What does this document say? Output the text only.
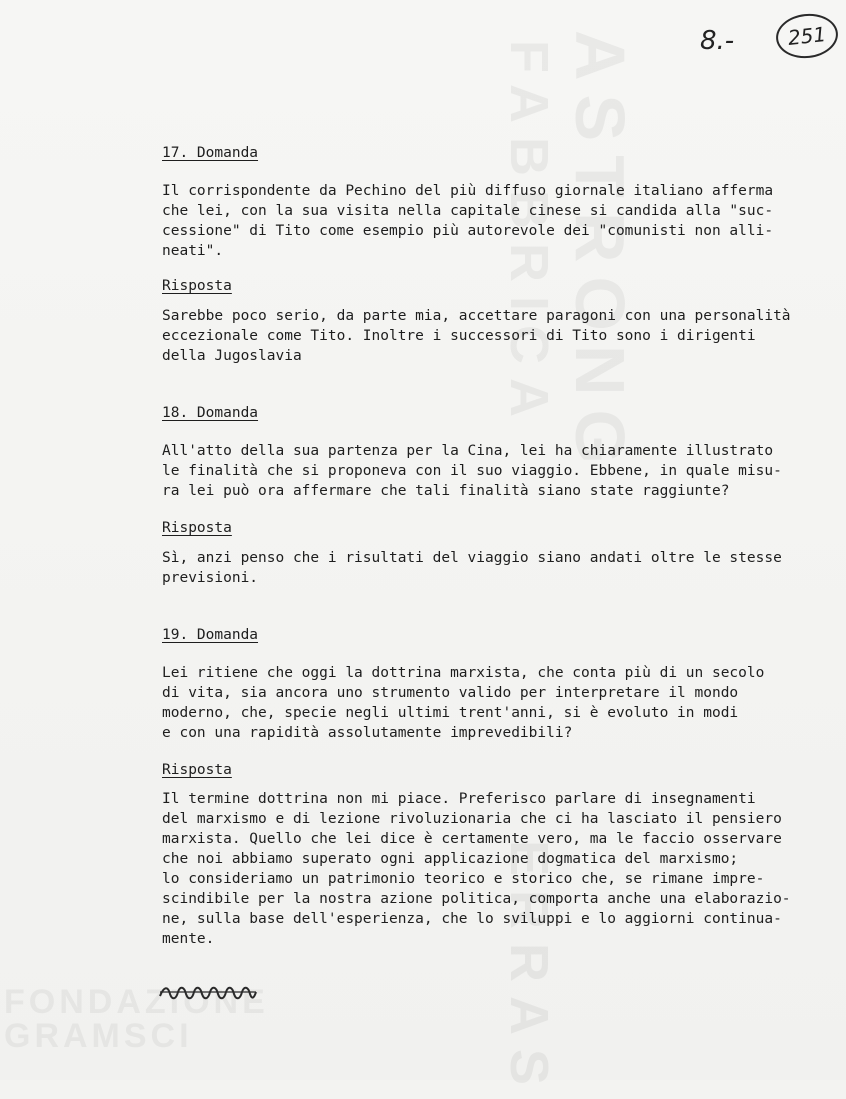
ASTRONG
FABBRICA
ERRAS
FONDAZIONE
GRAMSCI
8.-	251
17. Domanda
Il corrispondente da Pechino del più diffuso giornale italiano afferma
che lei, con la sua visita nella capitale cinese si candida alla "suc-
cessione" di Tito come esempio più autorevole dei "comunisti non alli-
neati".
Risposta
Sarebbe poco serio, da parte mia, accettare paragoni con una personalità
eccezionale come Tito. Inoltre i successori di Tito sono i dirigenti
della Jugoslavia
18. Domanda
All'atto della sua partenza per la Cina, lei ha chiaramente illustrato
le finalità che si proponeva con il suo viaggio. Ebbene, in quale misu-
ra lei può ora affermare che tali finalità siano state raggiunte?
Risposta
Sì, anzi penso che i risultati del viaggio siano andati oltre le stesse
previsioni.
19. Domanda
Lei ritiene che oggi la dottrina marxista, che conta più di un secolo
di vita, sia ancora uno strumento valido per interpretare il mondo
moderno, che, specie negli ultimi trent'anni, si è evoluto in modi
e con una rapidità assolutamente imprevedibili?
Risposta
Il termine dottrina non mi piace. Preferisco parlare di insegnamenti
del marxismo e di lezione rivoluzionaria che ci ha lasciato il pensiero
marxista. Quello che lei dice è certamente vero, ma le faccio osservare
che noi abbiamo superato ogni applicazione dogmatica del marxismo;
lo consideriamo un patrimonio teorico e storico che, se rimane impre-
scindibile per la nostra azione politica, comporta anche una elaborazio-
ne, sulla base dell'esperienza, che lo sviluppi e lo aggiorni continua-
mente.
